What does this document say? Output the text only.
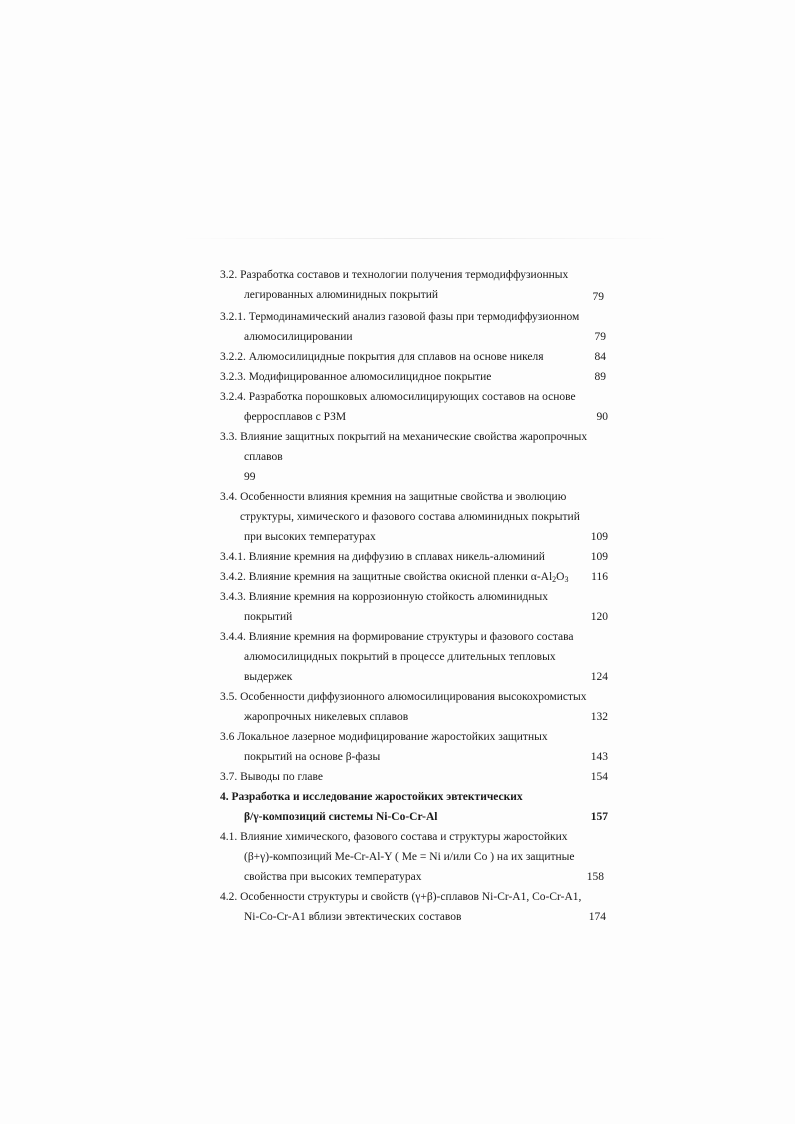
3.2. Разработка составов и технологии получения термодиффузионных
легированных алюминидных покрытий	79
3.2.1. Термодинамический анализ газовой фазы при термодиффузионном
алюмосилицировании	79
3.2.2. Алюмосилицидные покрытия для сплавов на основе никеля	84
3.2.3. Модифицированное алюмосилицидное покрытие	89
3.2.4. Разработка порошковых алюмосилицирующих составов на основе
ферросплавов с РЗМ	90
3.3. Влияние защитных покрытий на механические свойства жаропрочных
сплавов
99
3.4. Особенности влияния кремния на защитные свойства и эволюцию
структуры, химического и фазового состава алюминидных покрытий
при высоких температурах	109
3.4.1. Влияние кремния на диффузию в сплавах никель-алюминий	109
3.4.2. Влияние кремния на защитные свойства окисной пленки $\alpha-Al_2O_3$	116
3.4.3. Влияние кремния на коррозионную стойкость алюминидных
покрытий	120
3.4.4. Влияние кремния на формирование структуры и фазового состава
алюмосилицидных покрытий в процессе длительных тепловых
выдержек	124
3.5. Особенности диффузионного алюмосилицирования высокохромистых
жаропрочных никелевых сплавов	132
3.6 Локальное лазерное модифицирование жаростойких защитных
покрытий на основе β-фазы	143
3.7. Выводы по главе	154
4. Разработка и исследование жаростойких эвтектических
β/γ-композиций системы Ni-Co-Cr-Al	157
4.1. Влияние химического, фазового состава и структуры жаростойких
(β+γ)-композиций Me-Cr-Al-Y ( Me = Ni и/или Co ) на их защитные
свойства при высоких температурах	158
4.2. Особенности структуры и свойств (γ+β)-сплавов Ni-Cr-A1, Co-Cr-A1,
Ni-Co-Cr-A1 вблизи эвтектических составов	174
